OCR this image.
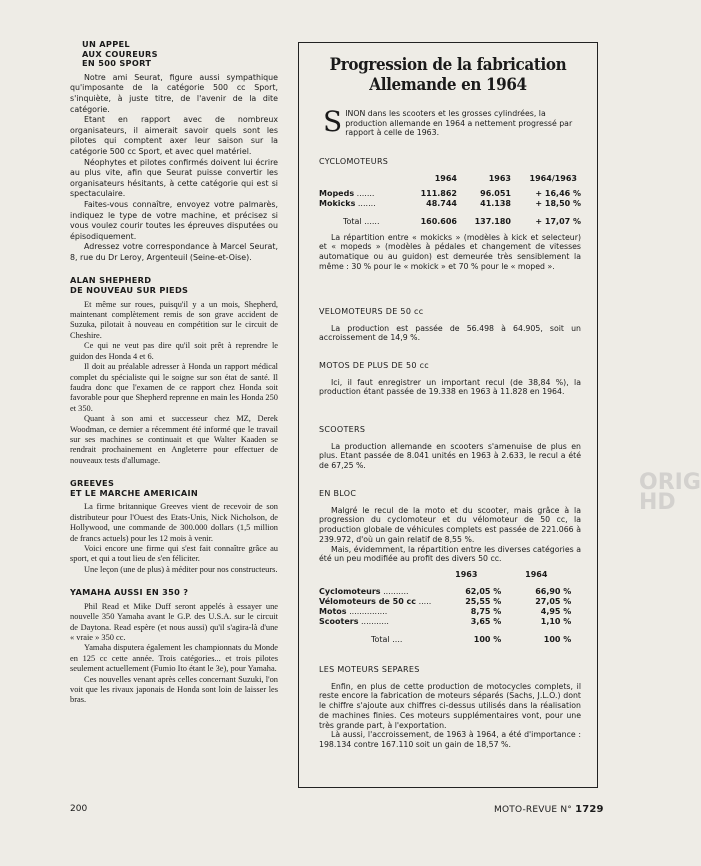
UN APPEL
AUX COUREURS
EN 500 SPORT

Notre ami Seurat, figure aussi sympathique qu'imposante de la catégorie 500 cc Sport, s'inquiète, à juste titre, de l'avenir de la dite catégorie.

Etant en rapport avec de nombreux organisateurs, il aimerait savoir quels sont les pilotes qui comptent axer leur saison sur la catégorie 500 cc Sport, et avec quel matériel.

Néophytes et pilotes confirmés doivent lui écrire au plus vite, afin que Seurat puisse convertir les organisateurs hésitants, à cette catégorie qui est si spectaculaire.

Faites-vous connaître, envoyez votre palmarès, indiquez le type de votre machine, et précisez si vous voulez courir toutes les épreuves disputées ou épisodiquement.

Adressez votre correspondance à Marcel Seurat, 8, rue du Dr Leroy, Argenteuil (Seine-et-Oise).

ALAN SHEPHERD
DE NOUVEAU SUR PIEDS

Et même sur roues, puisqu'il y a un mois, Shepherd, maintenant complètement remis de son grave accident de Suzuka, pilotait à nouveau en compétition sur le circuit de Cheshire.

Ce qui ne veut pas dire qu'il soit prêt à reprendre le guidon des Honda 4 et 6.

Il doit au préalable adresser à Honda un rapport médical complet du spécialiste qui le soigne sur son état de santé. Il faudra donc que l'examen de ce rapport chez Honda soit favorable pour que Shepherd reprenne en main les Honda 250 et 350.

Quant à son ami et successeur chez MZ, Derek Woodman, ce dernier a récemment été informé que le travail sur ses machines se continuait et que Walter Kaaden se rendrait prochainement en Angleterre pour effectuer de nouveaux tests d'allumage.

GREEVES
ET LE MARCHE AMERICAIN

La firme britannique Greeves vient de recevoir de son distributeur pour l'Ouest des Etats-Unis, Nick Nicholson, de Hollywood, une commande de 300.000 dollars (1,5 million de francs actuels) pour les 12 mois à venir.

Voici encore une firme qui s'est fait connaître grâce au sport, et qui a tout lieu de s'en féliciter.

Une leçon (une de plus) à méditer pour nos constructeurs.

YAMAHA AUSSI EN 350 ?

Phil Read et Mike Duff seront appelés à essayer une nouvelle 350 Yamaha avant le G.P. des U.S.A. sur le circuit de Daytona. Read espère (et nous aussi) qu'il s'agira-là d'une « vraie » 350 cc.

Yamaha disputera également les championnats du Monde en 125 cc cette année. Trois catégories... et trois pilotes seulement actuellement (Fumio Ito étant le 3e), pour Yamaha.

Ces nouvelles venant après celles concernant Suzuki, l'on voit que les rivaux japonais de Honda sont loin de laisser les bras.

Progression de la fabrication Allemande en 1964
SINON dans les scooters et les grosses cylindrées, la production allemande en 1964 a nettement progressé par rapport à celle de 1963.
CYCLOMOTEURS
	1964	1963	1964/1963

Mopeds .......	111.862	96.051	+ 16,46 %
Mokicks .......	48.744	41.138	+ 18,50 %

Total ......	160.606	137.180	+ 17,07 %

La répartition entre « mokicks » (modèles à kick et selecteur) et « mopeds » (modèles à pédales et changement de vitesses automatique ou au guidon) est demeurée très sensiblement la même : 30 % pour le « mokick » et 70 % pour le « moped ».

VELOMOTEURS DE 50 cc

La production est passée de 56.498 à 64.905, soit un accroissement de 14,9 %.

MOTOS DE PLUS DE 50 cc

Ici, il faut enregistrer un important recul (de 38,84 %), la production étant passée de 19.338 en 1963 à 11.828 en 1964.

SCOOTERS

La production allemande en scooters s'amenuise de plus en plus. Etant passée de 8.041 unités en 1963 à 2.633, le recul a été de 67,25 %.

EN BLOC

Malgré le recul de la moto et du scooter, mais grâce à la progression du cyclomoteur et du vélomoteur de 50 cc, la production globale de véhicules complets est passée de 221.066 à 239.972, d'où un gain relatif de 8,55 %.

Mais, évidemment, la répartition entre les diverses catégories a été un peu modifiée au profit des divers 50 cc.

	1963	1964	

Cyclomoteurs ..........	62,05 %	66,90 %	
Vélomoteurs de 50 cc .....	25,55 %	27,05 %	
Motos ...............	8,75 %	4,95 %	
Scooters ...........	3,65 %	1,10 %	

Total ....	100 %	100 %	
LES MOTEURS SEPARES

Enfin, en plus de cette production de motocycles complets, il reste encore la fabrication de moteurs séparés (Sachs, J.L.O.) dont le chiffre s'ajoute aux chiffres ci-dessus utilisés dans la réalisation de machines finies. Ces moteurs supplémentaires vont, pour une très grande part, à l'exportation.

Là aussi, l'accroissement, de 1963 à 1964, a été d'importance : 198.134 contre 167.110 soit un gain de 18,57 %.

ORIG
HD
200	MOTO-REVUE N° 1729
